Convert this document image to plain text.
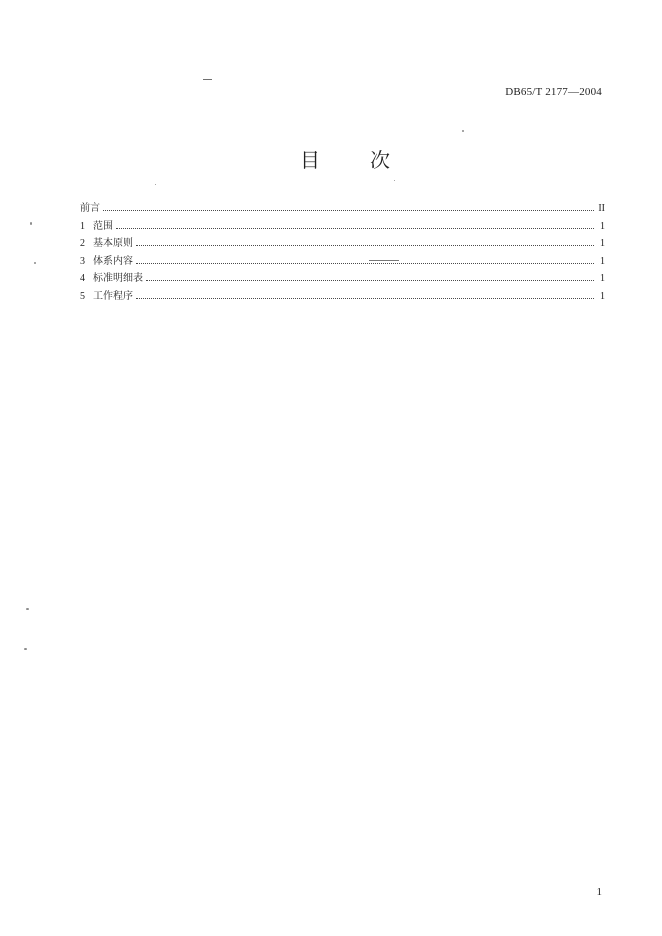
DB65/T 2177—2004
目	次
前言	II
1 范围	1
2 基本原则	1
3 体系内容	1
4 标准明细表	1
5 工作程序	1
1
